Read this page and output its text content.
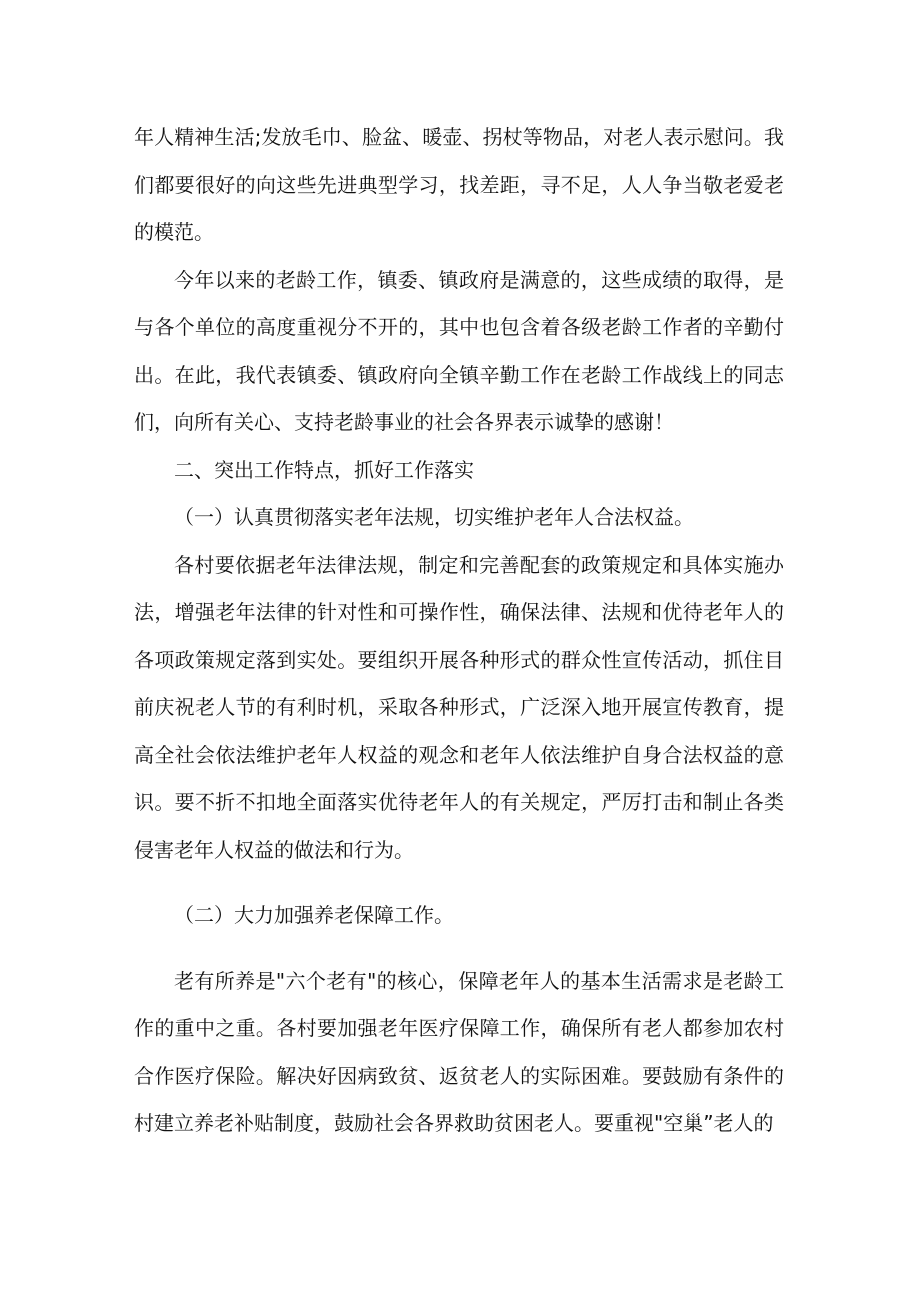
年人精神生活;发放毛巾、脸盆、暖壶、拐杖等物品，对老人表示慰问。我们都要很好的向这些先进典型学习，找差距，寻不足，人人争当敬老爱老的模范。

今年以来的老龄工作，镇委、镇政府是满意的，这些成绩的取得，是与各个单位的高度重视分不开的，其中也包含着各级老龄工作者的辛勤付出。在此，我代表镇委、镇政府向全镇辛勤工作在老龄工作战线上的同志们，向所有关心、支持老龄事业的社会各界表示诚挚的感谢！

二、突出工作特点，抓好工作落实

（一）认真贯彻落实老年法规，切实维护老年人合法权益。

各村要依据老年法律法规，制定和完善配套的政策规定和具体实施办法，增强老年法律的针对性和可操作性，确保法律、法规和优待老年人的各项政策规定落到实处。要组织开展各种形式的群众性宣传活动，抓住目前庆祝老人节的有利时机，采取各种形式，广泛深入地开展宣传教育，提高全社会依法维护老年人权益的观念和老年人依法维护自身合法权益的意识。要不折不扣地全面落实优待老年人的有关规定，严厉打击和制止各类侵害老年人权益的做法和行为。

（二）大力加强养老保障工作。

老有所养是"六个老有"的核心，保障老年人的基本生活需求是老龄工作的重中之重。各村要加强老年医疗保障工作，确保所有老人都参加农村合作医疗保险。解决好因病致贫、返贫老人的实际困难。要鼓励有条件的村建立养老补贴制度，鼓励社会各界救助贫困老人。要重视"空巢”老人的
